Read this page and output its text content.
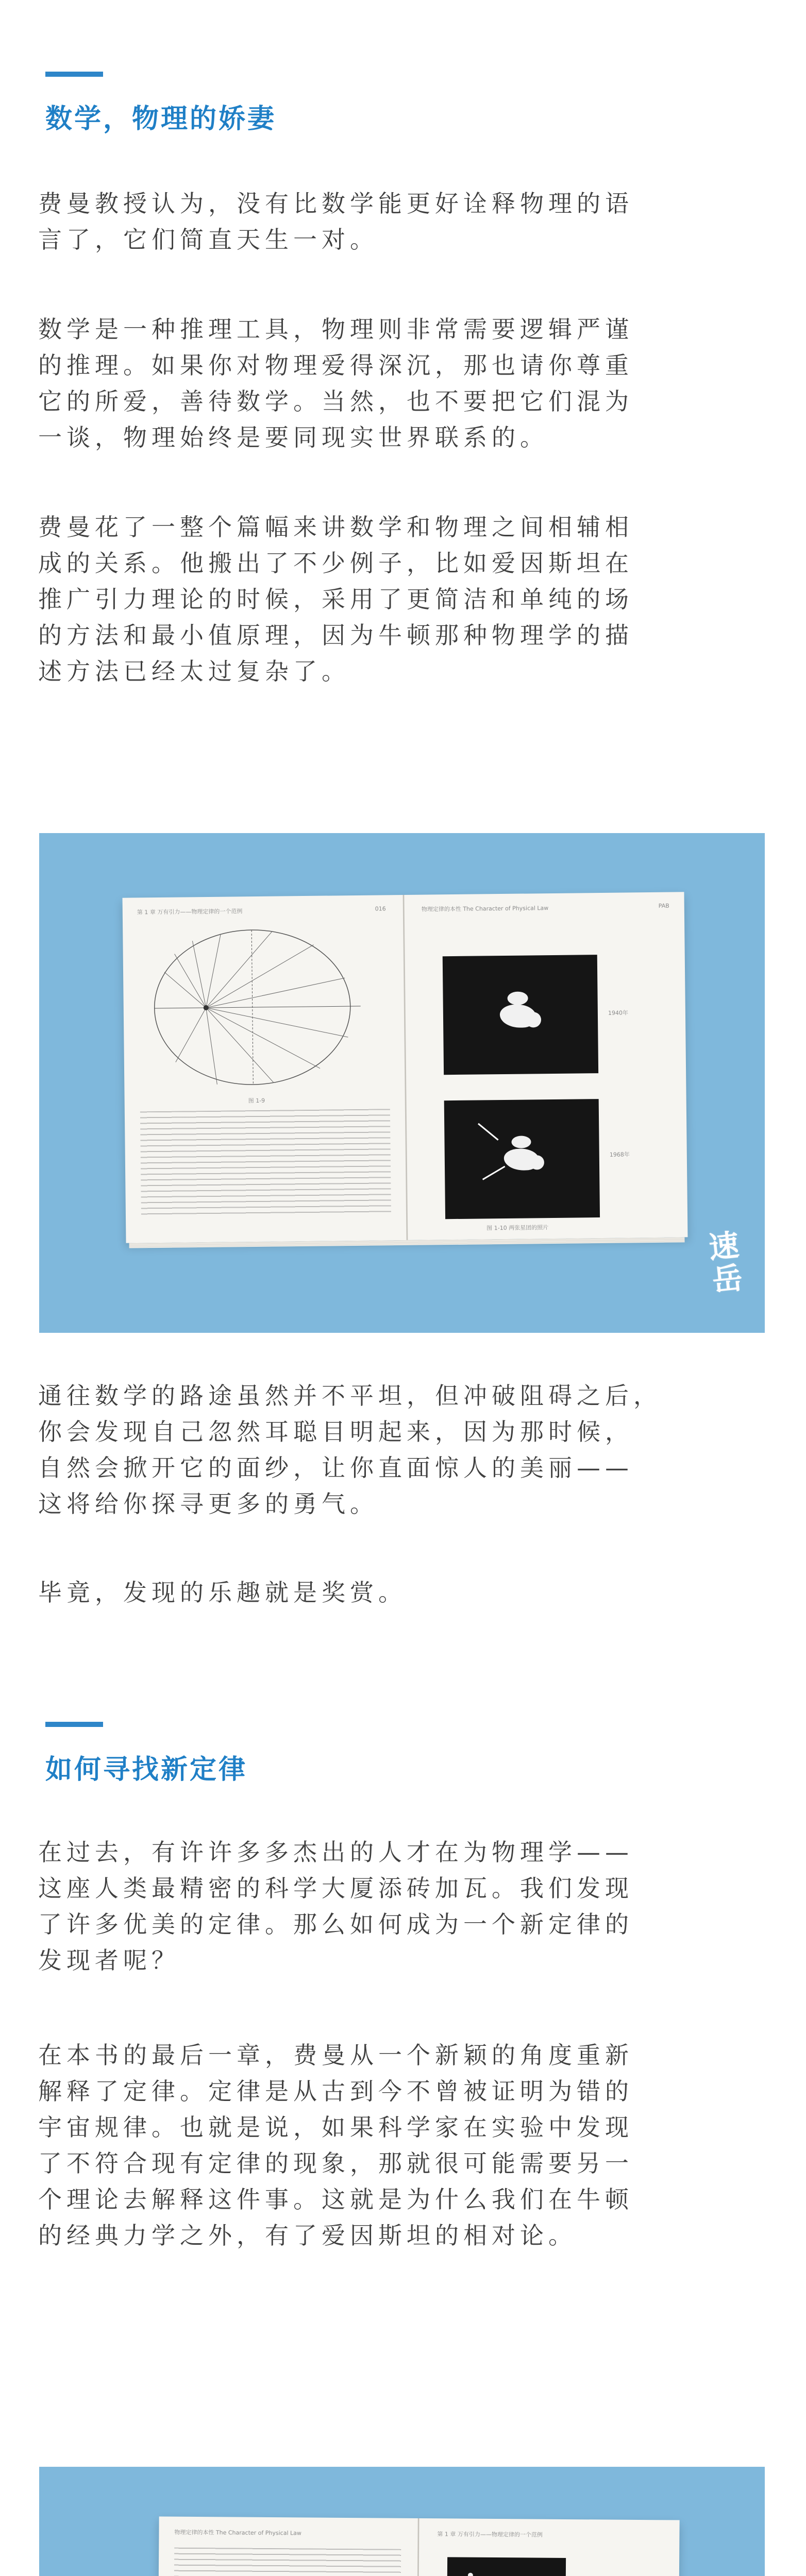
数学，物理的娇妻

费曼教授认为，没有比数学能更好诠释物理的语
言了，它们简直天生一对。

数学是一种推理工具，物理则非常需要逻辑严谨
的推理。如果你对物理爱得深沉，那也请你尊重
它的所爱，善待数学。当然，也不要把它们混为
一谈，物理始终是要同现实世界联系的。

费曼花了一整个篇幅来讲数学和物理之间相辅相
成的关系。他搬出了不少例子，比如爱因斯坦在
推广引力理论的时候，采用了更简洁和单纯的场
的方法和最小值原理，因为牛顿那种物理学的描
述方法已经太过复杂了。

第 1 章 万有引力——物理定律的一个范例	016
图 1-9
物理定律的本性 The Character of Physical Law	PAB
1940年
1968年
图 1-10 两张星团的照片	速
岳

通往数学的路途虽然并不平坦，但冲破阻碍之后，
你会发现自己忽然耳聪目明起来，因为那时候，
自然会掀开它的面纱，让你直面惊人的美丽——
这将给你探寻更多的勇气。

毕竟，发现的乐趣就是奖赏。

如何寻找新定律

在过去，有许许多多杰出的人才在为物理学——
这座人类最精密的科学大厦添砖加瓦。我们发现
了许多优美的定律。那么如何成为一个新定律的
发现者呢？

在本书的最后一章，费曼从一个新颖的角度重新
解释了定律。定律是从古到今不曾被证明为错的
宇宙规律。也就是说，如果科学家在实验中发现
了不符合现有定律的现象，那就很可能需要另一
个理论去解释这件事。这就是为什么我们在牛顿
的经典力学之外，有了爱因斯坦的相对论。

物理定律的本性 The Character of Physical Law	第 1 章 万有引力——物理定律的一个范例
